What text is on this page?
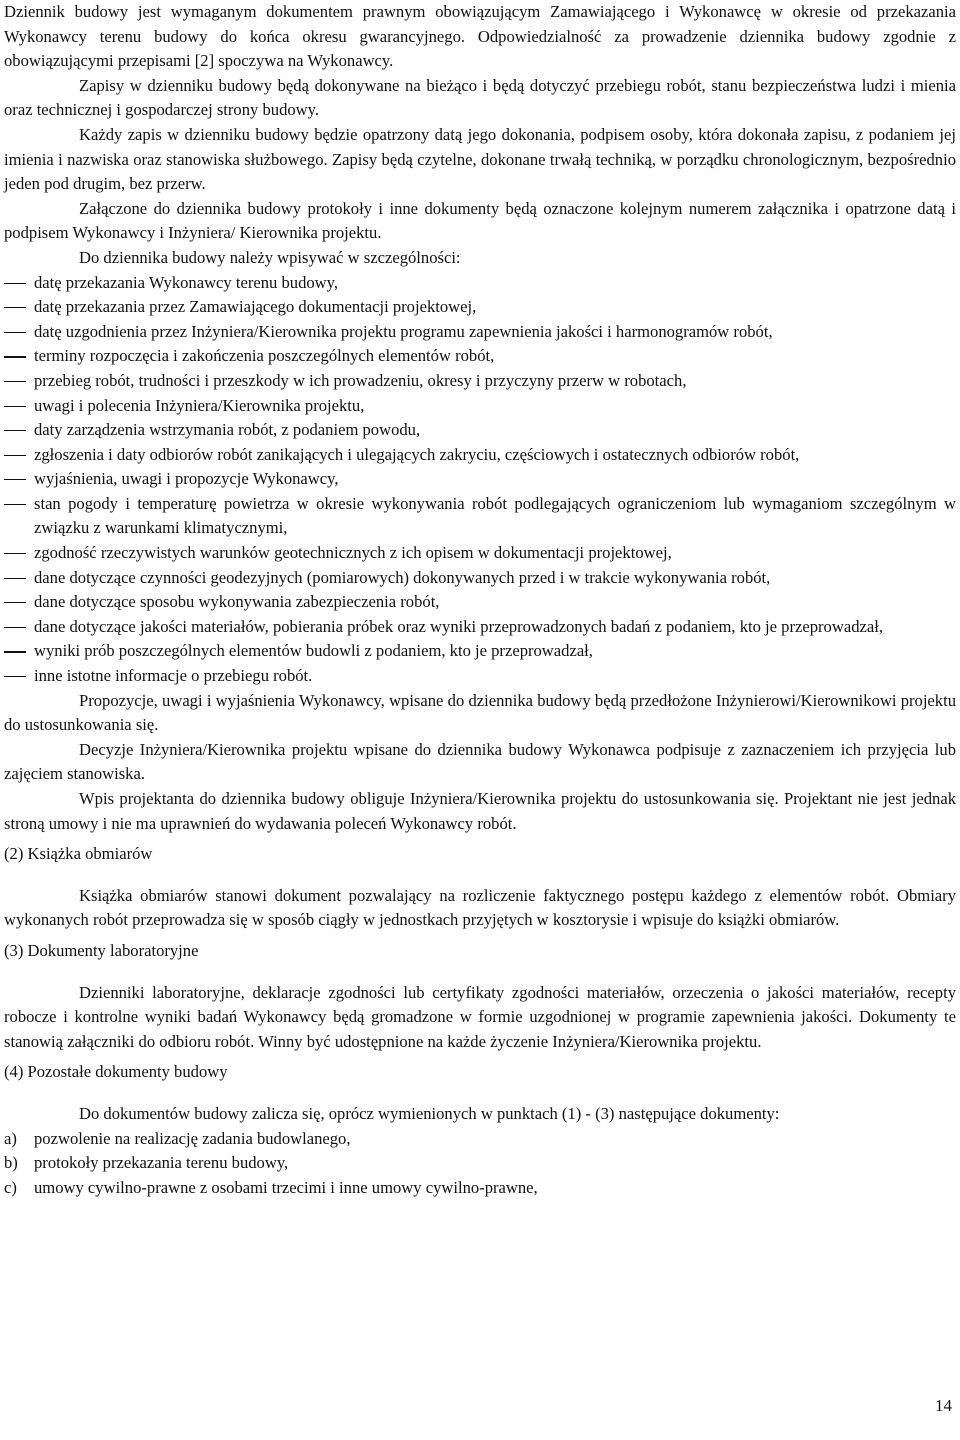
Dziennik budowy jest wymaganym dokumentem prawnym obowiązującym Zamawiającego i Wykonawcę w okresie od przekazania Wykonawcy terenu budowy do końca okresu gwarancyjnego. Odpowiedzialność za prowadzenie dziennika budowy zgodnie z obowiązującymi przepisami [2] spoczywa na Wykonawcy.

Zapisy w dzienniku budowy będą dokonywane na bieżąco i będą dotyczyć przebiegu robót, stanu bezpieczeństwa ludzi i mienia oraz technicznej i gospodarczej strony budowy.

Każdy zapis w dzienniku budowy będzie opatrzony datą jego dokonania, podpisem osoby, która dokonała zapisu, z podaniem jej imienia i nazwiska oraz stanowiska służbowego. Zapisy będą czytelne, dokonane trwałą techniką, w porządku chronologicznym, bezpośrednio jeden pod drugim, bez przerw.

Załączone do dziennika budowy protokoły i inne dokumenty będą oznaczone kolejnym numerem załącznika i opatrzone datą i podpisem Wykonawcy i Inżyniera/ Kierownika projektu.

Do dziennika budowy należy wpisywać w szczególności:

datę przekazania Wykonawcy terenu budowy,
datę przekazania przez Zamawiającego dokumentacji projektowej,
datę uzgodnienia przez Inżyniera/Kierownika projektu programu zapewnienia jakości i harmonogramów robót,
terminy rozpoczęcia i zakończenia poszczególnych elementów robót,
przebieg robót, trudności i przeszkody w ich prowadzeniu, okresy i przyczyny przerw w robotach,
uwagi i polecenia Inżyniera/Kierownika projektu,
daty zarządzenia wstrzymania robót, z podaniem powodu,
zgłoszenia i daty odbiorów robót zanikających i ulegających zakryciu, częściowych i ostatecznych odbiorów robót,
wyjaśnienia, uwagi i propozycje Wykonawcy,
stan pogody i temperaturę powietrza w okresie wykonywania robót podlegających ograniczeniom lub wymaganiom szczególnym w związku z warunkami klimatycznymi,
zgodność rzeczywistych warunków geotechnicznych z ich opisem w dokumentacji projektowej,
dane dotyczące czynności geodezyjnych (pomiarowych) dokonywanych przed i w trakcie wykonywania robót,
dane dotyczące sposobu wykonywania zabezpieczenia robót,
dane dotyczące jakości materiałów, pobierania próbek oraz wyniki przeprowadzonych badań z podaniem, kto je przeprowadzał,
wyniki prób poszczególnych elementów budowli z podaniem, kto je przeprowadzał,
inne istotne informacje o przebiegu robót.

Propozycje, uwagi i wyjaśnienia Wykonawcy, wpisane do dziennika budowy będą przedłożone Inżynierowi/Kierownikowi projektu do ustosunkowania się.

Decyzje Inżyniera/Kierownika projektu wpisane do dziennika budowy Wykonawca podpisuje z zaznaczeniem ich przyjęcia lub zajęciem stanowiska.

Wpis projektanta do dziennika budowy obliguje Inżyniera/Kierownika projektu do ustosunkowania się. Projektant nie jest jednak stroną umowy i nie ma uprawnień do wydawania poleceń Wykonawcy robót.

(2) Książka obmiarów

Książka obmiarów stanowi dokument pozwalający na rozliczenie faktycznego postępu każdego z elementów robót. Obmiary wykonanych robót przeprowadza się w sposób ciągły w jednostkach przyjętych w kosztorysie i wpisuje do książki obmiarów.

(3) Dokumenty laboratoryjne

Dzienniki laboratoryjne, deklaracje zgodności lub certyfikaty zgodności materiałów, orzeczenia o jakości materiałów, recepty robocze i kontrolne wyniki badań Wykonawcy będą gromadzone w formie uzgodnionej w programie zapewnienia jakości. Dokumenty te stanowią załączniki do odbioru robót. Winny być udostępnione na każde życzenie Inżyniera/Kierownika projektu.

(4) Pozostałe dokumenty budowy

Do dokumentów budowy zalicza się, oprócz wymienionych w punktach (1) - (3) następujące dokumenty:

a) pozwolenie na realizację zadania budowlanego,
b) protokoły przekazania terenu budowy,
c) umowy cywilno-prawne z osobami trzecimi i inne umowy cywilno-prawne,
14
